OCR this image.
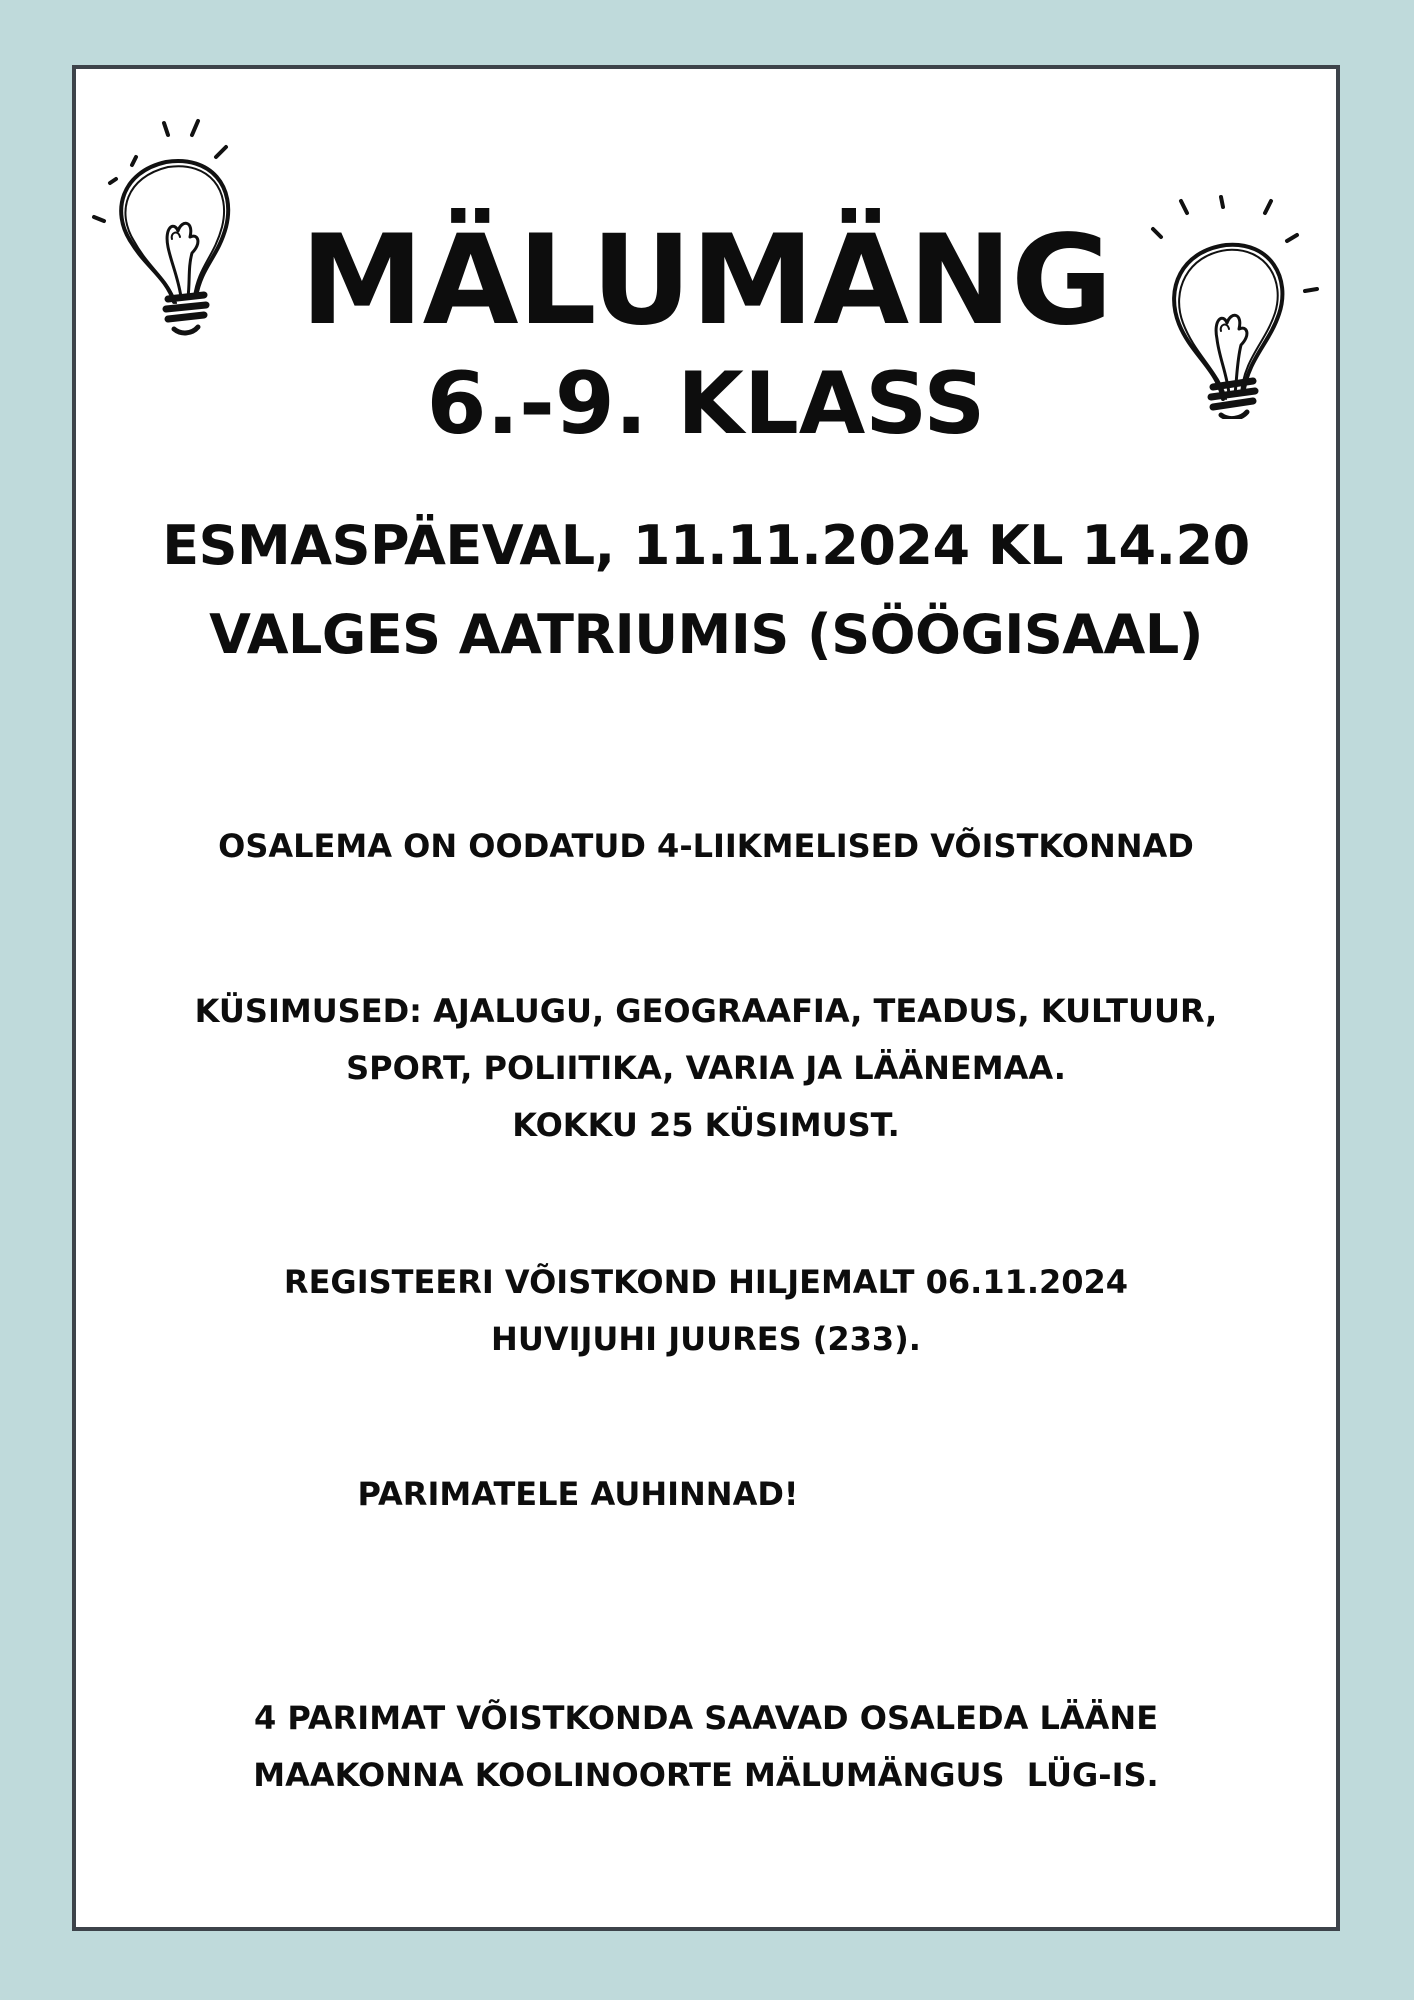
MÄLUMÄNG
6.-9. KLASS
ESMASPÄEVAL, 11.11.2024 KL 14.20
VALGES AATRIUMIS (SÖÖGISAAL)
OSALEMA ON OODATUD 4-LIIKMELISED VÕISTKONNAD
KÜSIMUSED: AJALUGU, GEOGRAAFIA, TEADUS, KULTUUR,
SPORT, POLIITIKA, VARIA JA LÄÄNEMAA.
KOKKU 25 KÜSIMUST.
REGISTEERI VÕISTKOND HILJEMALT 06.11.2024
HUVIJUHI JUURES (233).
PARIMATELE AUHINNAD!
4 PARIMAT VÕISTKONDA SAAVAD OSALEDA LÄÄNE
MAAKONNA KOOLINOORTE MÄLUMÄNGUS  LÜG-IS.
